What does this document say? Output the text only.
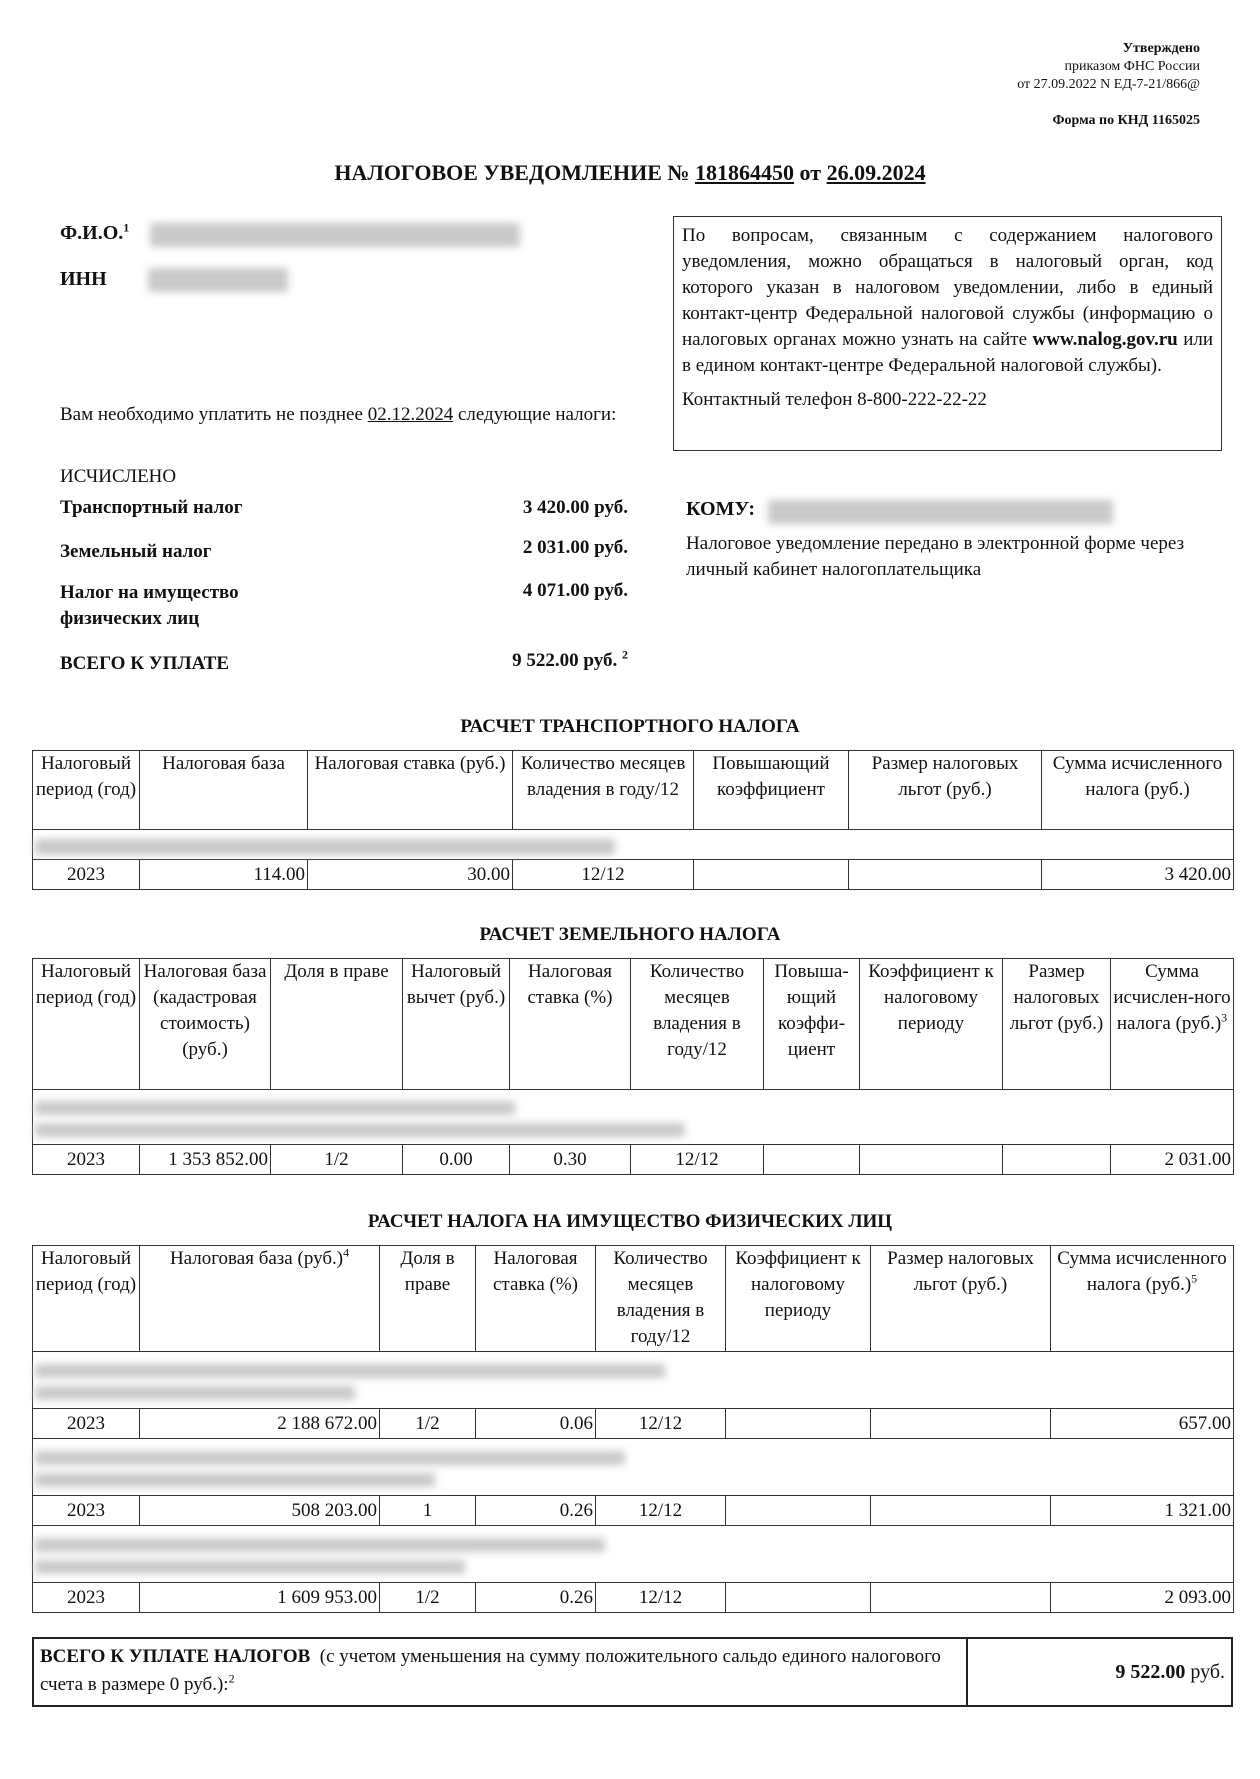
Утверждено
приказом ФНС России
от 27.09.2022 N ЕД-7-21/866@
Форма по КНД 1165025
НАЛОГОВОЕ УВЕДОМЛЕНИЕ № 181864450 от 26.09.2024
Ф.И.О.$^1$
ИНН

По вопросам, связанным с содержанием налогового уведомления, можно обращаться в налоговый орган, код которого указан в налоговом уведомлении, либо в единый контакт-центр Федеральной налоговой службы (информацию о налоговых органах можно узнать на сайте www.nalog.gov.ru или в едином контакт-центре Федеральной налоговой службы).

Контактный телефон 8-800-222-22-22

Вам необходимо уплатить не позднее 02.12.2024 следующие налоги:
ИСЧИСЛЕНО
Транспортный налог	3 420.00 руб.
Земельный налог	2 031.00 руб.
Налог на имущество физических лиц
4 071.00 руб.
ВСЕГО К УПЛАТЕ	9 522.00 руб. $^2$
КОМУ:
Налоговое уведомление передано в электронной форме через личный кабинет налогоплательщика
РАСЧЕТ ТРАНСПОРТНОГО НАЛОГА
Налоговый период (год)	Налоговая база	Налоговая ставка (руб.)	Количество месяцев владения в году/12	Повышающий коэффициент	Размер налоговых льгот (руб.)	Сумма исчисленного налога (руб.)

2023	114.00	30.00	12/12			3 420.00
РАСЧЕТ ЗЕМЕЛЬНОГО НАЛОГА
Налоговый период (год)	Налоговая база (кадастровая стоимость) (руб.)	Доля в праве	Налоговый вычет (руб.)	Налоговая ставка (%)	Количество месяцев владения в году/12	Повыша-ющий коэффи-циент	Коэффициент к налоговому периоду	Размер налоговых льгот (руб.)	Сумма исчислен-ного налога $(руб.)^3$

2023	1 353 852.00	1/2	0.00	0.30	12/12				2 031.00
РАСЧЕТ НАЛОГА НА ИМУЩЕСТВО ФИЗИЧЕСКИХ ЛИЦ
Налоговый период (год)	Налоговая база $(руб.)^4$	Доля в праве	Налоговая ставка (%)	Количество месяцев владения в году/12	Коэффициент к налоговому периоду	Размер налоговых льгот (руб.)	Сумма исчисленного налога $(руб.)^5$

2023	2 188 672.00	1/2	0.06	12/12			657.00

2023	508 203.00	1	0.26	12/12			1 321.00

2023	1 609 953.00	1/2	0.26	12/12			2 093.00
ВСЕГО К УПЛАТЕ НАЛОГОВ (с учетом уменьшения на сумму положительного сальдо единого налогового счета в размере 0 руб.):$^2$	9 522.00 руб.
